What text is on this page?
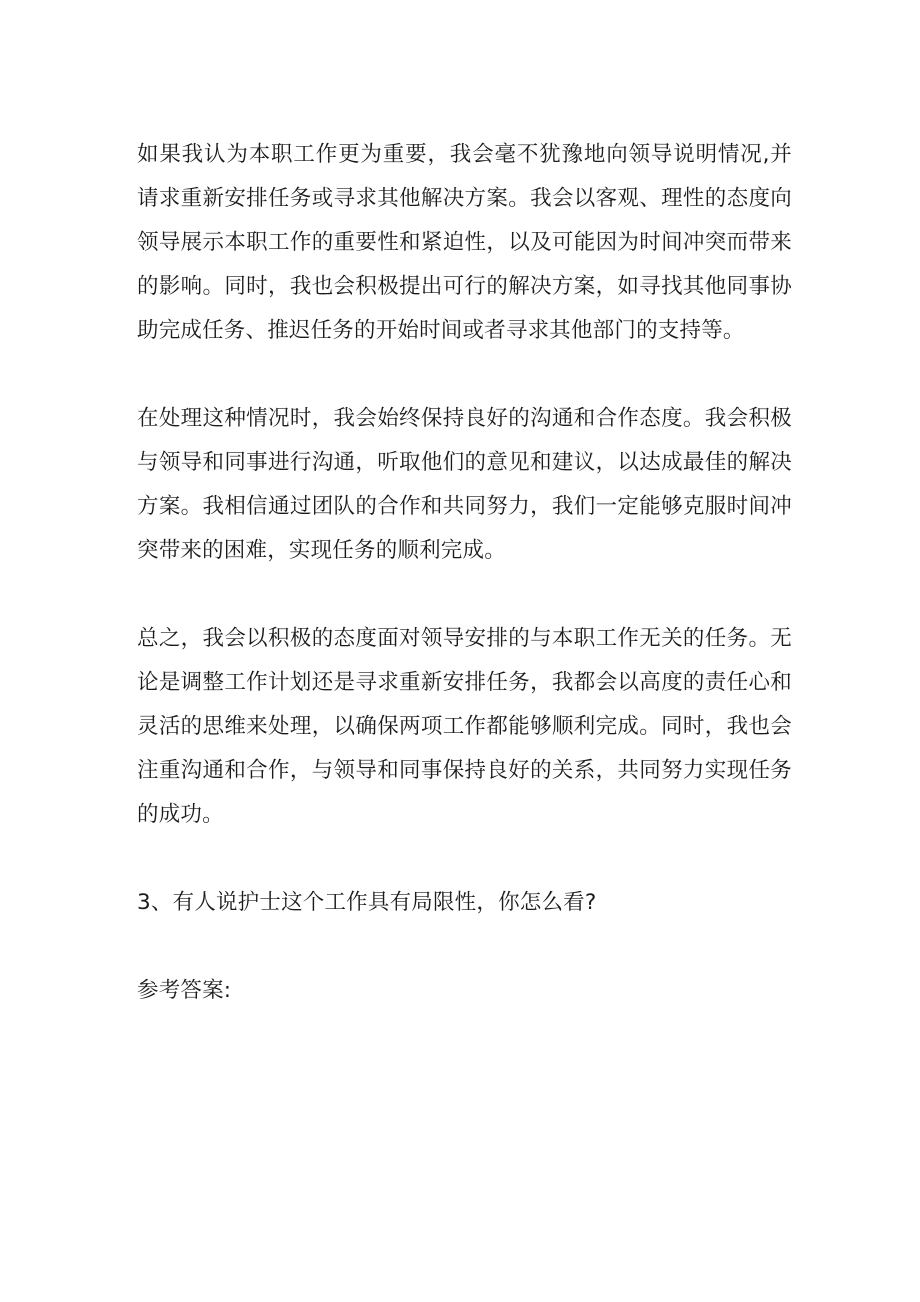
如果我认为本职工作更为重要，我会毫不犹豫地向领导说明情况,并请求重新安排任务或寻求其他解决方案。我会以客观、理性的态度向领导展示本职工作的重要性和紧迫性，以及可能因为时间冲突而带来的影响。同时，我也会积极提出可行的解决方案，如寻找其他同事协助完成任务、推迟任务的开始时间或者寻求其他部门的支持等。

在处理这种情况时，我会始终保持良好的沟通和合作态度。我会积极与领导和同事进行沟通，听取他们的意见和建议，以达成最佳的解决方案。我相信通过团队的合作和共同努力，我们一定能够克服时间冲突带来的困难，实现任务的顺利完成。

总之，我会以积极的态度面对领导安排的与本职工作无关的任务。无论是调整工作计划还是寻求重新安排任务，我都会以高度的责任心和灵活的思维来处理，以确保两项工作都能够顺利完成。同时，我也会注重沟通和合作，与领导和同事保持良好的关系，共同努力实现任务的成功。

3、有人说护士这个工作具有局限性，你怎么看?

参考答案:
